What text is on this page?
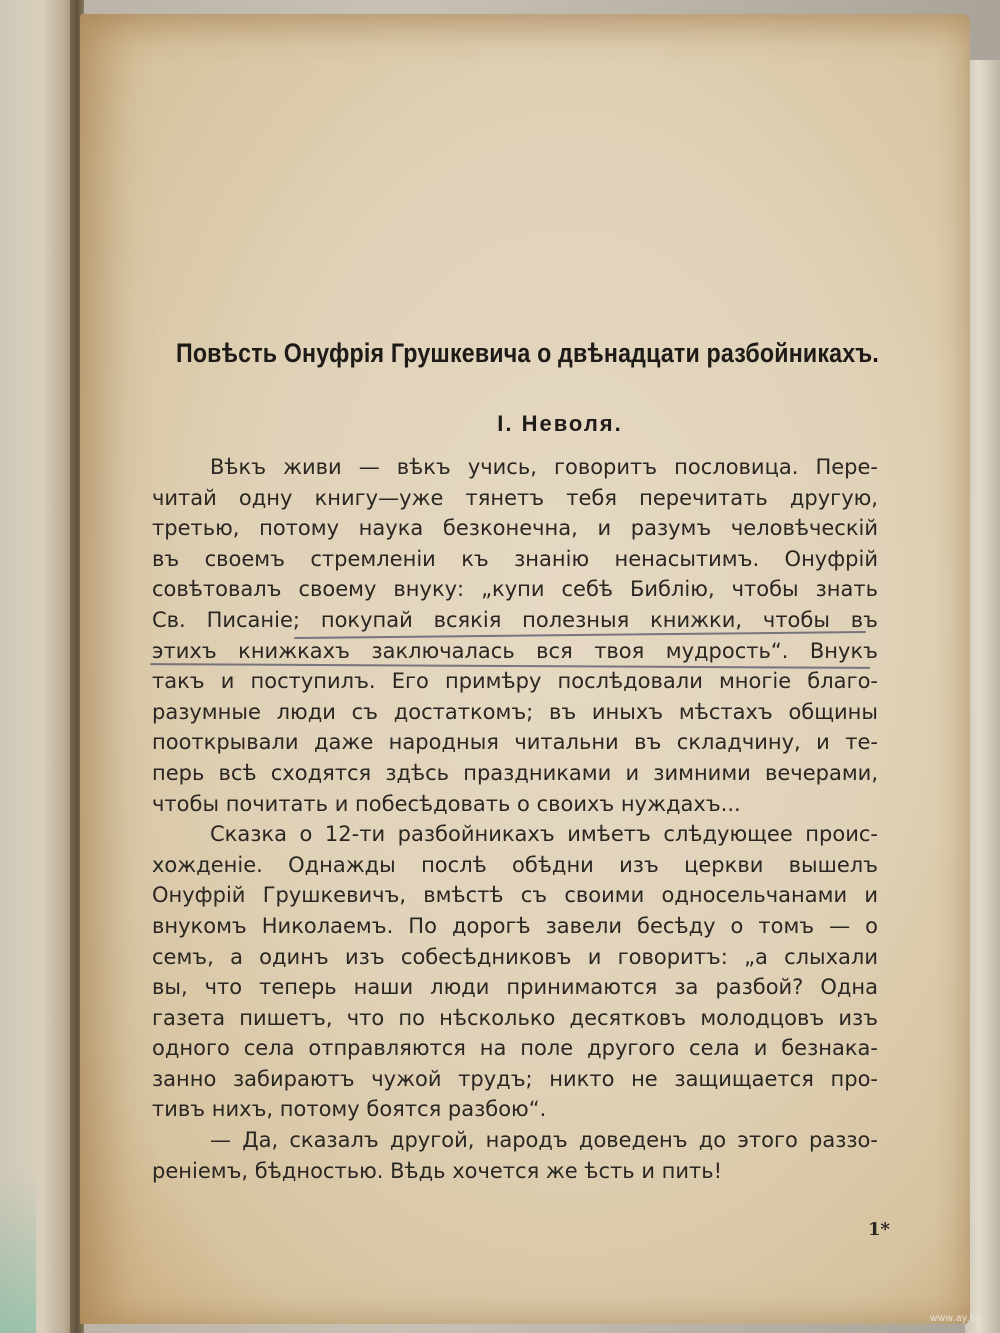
Повѣсть Онуфрія Грушкевича о двѣнадцати разбойникахъ.
I. Неволя.
Вѣкъ живи — вѣкъ учись, говоритъ пословица. Пере-
читай одну книгу—уже тянетъ тебя перечитать другую,
третью, потому наука безконечна, и разумъ человѣческій
въ своемъ стремленіи къ знанію ненасытимъ. Онуфрій
совѣтовалъ своему внуку: „купи себѣ Библію, чтобы знать
Св. Писаніе; покупай всякія полезныя книжки, чтобы въ
этихъ книжкахъ заключалась вся твоя мудрость“. Внукъ
такъ и поступилъ. Его примѣру послѣдовали многіе благо-
разумные люди съ достаткомъ; въ иныхъ мѣстахъ общины
пооткрывали даже народныя читальни въ складчину, и те-
перь всѣ сходятся здѣсь праздниками и зимними вечерами,
чтобы почитать и побесѣдовать о своихъ нуждахъ...
Сказка о 12-ти разбойникахъ имѣетъ слѣдующее проис-
хожденіе. Однажды послѣ обѣдни изъ церкви вышелъ
Онуфрій Грушкевичъ, вмѣстѣ съ своими односельчанами и
внукомъ Николаемъ. По дорогѣ завели бесѣду о томъ — о
семъ, а одинъ изъ собесѣдниковъ и говоритъ: „а слыхали
вы, что теперь наши люди принимаются за разбой? Одна
газета пишетъ, что по нѣсколько десятковъ молодцовъ изъ
одного села отправляются на поле другого села и безнака-
занно забираютъ чужой трудъ; никто не защищается про-
тивъ нихъ, потому боятся разбою“.
— Да, сказалъ другой, народъ доведенъ до этого раззо-
реніемъ, бѣдностью. Вѣдь хочется же ѣсть и пить!
1*
www.ay.by
